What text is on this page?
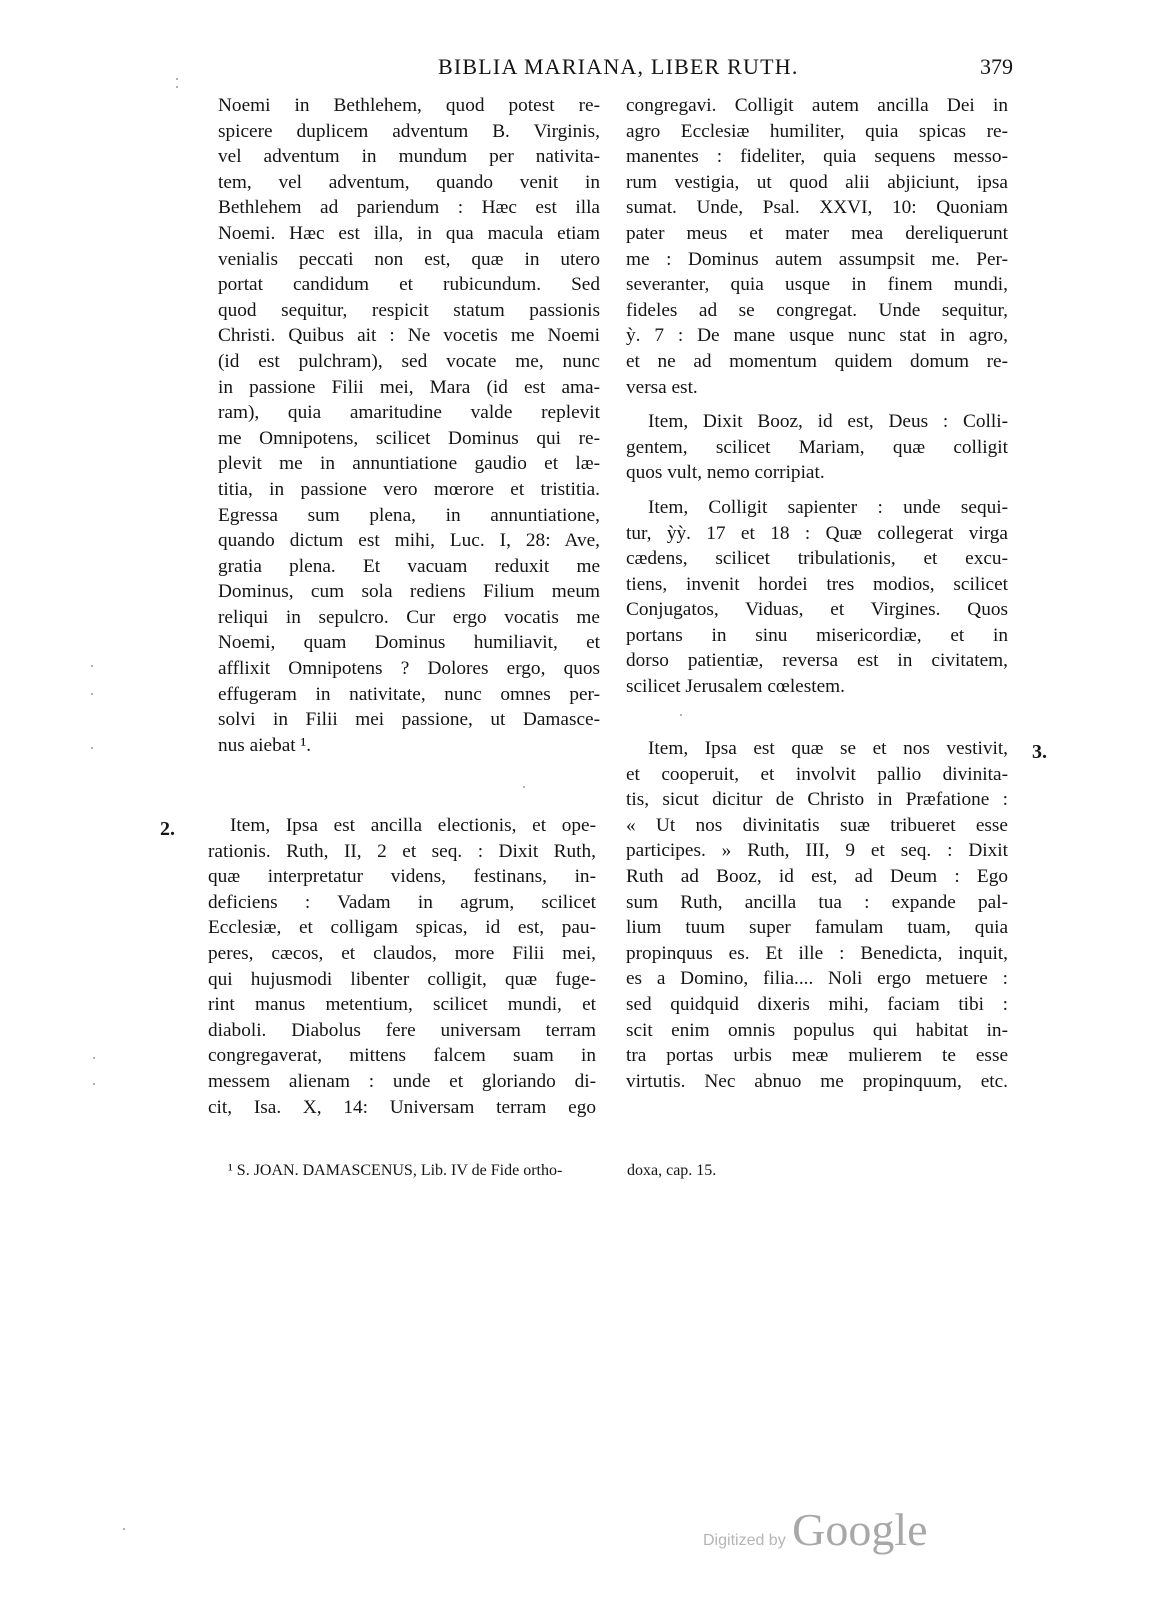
BIBLIA MARIANA, LIBER RUTH.	379
Noemi in Bethlehem, quod potest re-
spicere duplicem adventum B. Virginis,
vel adventum in mundum per nativita-
tem, vel adventum, quando venit in
Bethlehem ad pariendum : Hæc est illa
Noemi. Hæc est illa, in qua macula etiam
venialis peccati non est, quæ in utero
portat candidum et rubicundum. Sed
quod sequitur, respicit statum passionis
Christi. Quibus ait : Ne vocetis me Noemi
(id est pulchram), sed vocate me, nunc
in passione Filii mei, Mara (id est ama-
ram), quia amaritudine valde replevit
me Omnipotens, scilicet Dominus qui re-
plevit me in annuntiatione gaudio et læ-
titia, in passione vero mœrore et tristitia.
Egressa sum plena, in annuntiatione,
quando dictum est mihi, Luc. I, 28: Ave,
gratia plena. Et vacuam reduxit me
Dominus, cum sola rediens Filium meum
reliqui in sepulcro. Cur ergo vocatis me
Noemi, quam Dominus humiliavit, et
afflixit Omnipotens ? Dolores ergo, quos
effugeram in nativitate, nunc omnes per-
solvi in Filii mei passione, ut Damasce-
nus aiebat ¹.
2.	Item, Ipsa est ancilla electionis, et ope-
rationis. Ruth, II, 2 et seq. : Dixit Ruth,
quæ interpretatur videns, festinans, in-
deficiens : Vadam in agrum, scilicet
Ecclesiæ, et colligam spicas, id est, pau-
peres, cæcos, et claudos, more Filii mei,
qui hujusmodi libenter colligit, quæ fuge-
rint manus metentium, scilicet mundi, et
diaboli. Diabolus fere universam terram
congregaverat, mittens falcem suam in
messem alienam : unde et gloriando di-
cit, Isa. X, 14: Universam terram ego
congregavi. Colligit autem ancilla Dei in
agro Ecclesiæ humiliter, quia spicas re-
manentes : fideliter, quia sequens messo-
rum vestigia, ut quod alii abjiciunt, ipsa
sumat. Unde, Psal. XXVI, 10: Quoniam
pater meus et mater mea dereliquerunt
me : Dominus autem assumpsit me. Per-
severanter, quia usque in finem mundi,
fideles ad se congregat. Unde sequitur,
ỳ. 7 : De mane usque nunc stat in agro,
et ne ad momentum quidem domum re-
versa est.
Item, Dixit Booz, id est, Deus : Colli-
gentem, scilicet Mariam, quæ colligit
quos vult, nemo corripiat.
Item, Colligit sapienter : unde sequi-
tur, ỳỳ. 17 et 18 : Quæ collegerat virga
cædens, scilicet tribulationis, et excu-
tiens, invenit hordei tres modios, scilicet
Conjugatos, Viduas, et Virgines. Quos
portans in sinu misericordiæ, et in
dorso patientiæ, reversa est in civitatem,
scilicet Jerusalem cœlestem.
3.
Item, Ipsa est quæ se et nos vestivit,
et cooperuit, et involvit pallio divinita-
tis, sicut dicitur de Christo in Præfatione :
« Ut nos divinitatis suæ tribueret esse
participes. » Ruth, III, 9 et seq. : Dixit
Ruth ad Booz, id est, ad Deum : Ego
sum Ruth, ancilla tua : expande pal-
lium tuum super famulam tuam, quia
propinquus es. Et ille : Benedicta, inquit,
es a Domino, filia.... Noli ergo metuere :
sed quidquid dixeris mihi, faciam tibi :
scit enim omnis populus qui habitat in-
tra portas urbis meæ mulierem te esse
virtutis. Nec abnuo me propinquum, etc.
¹ S. JOAN. DAMASCENUS, Lib. IV de Fide ortho-	doxa, cap. 15.
Digitized by Google
